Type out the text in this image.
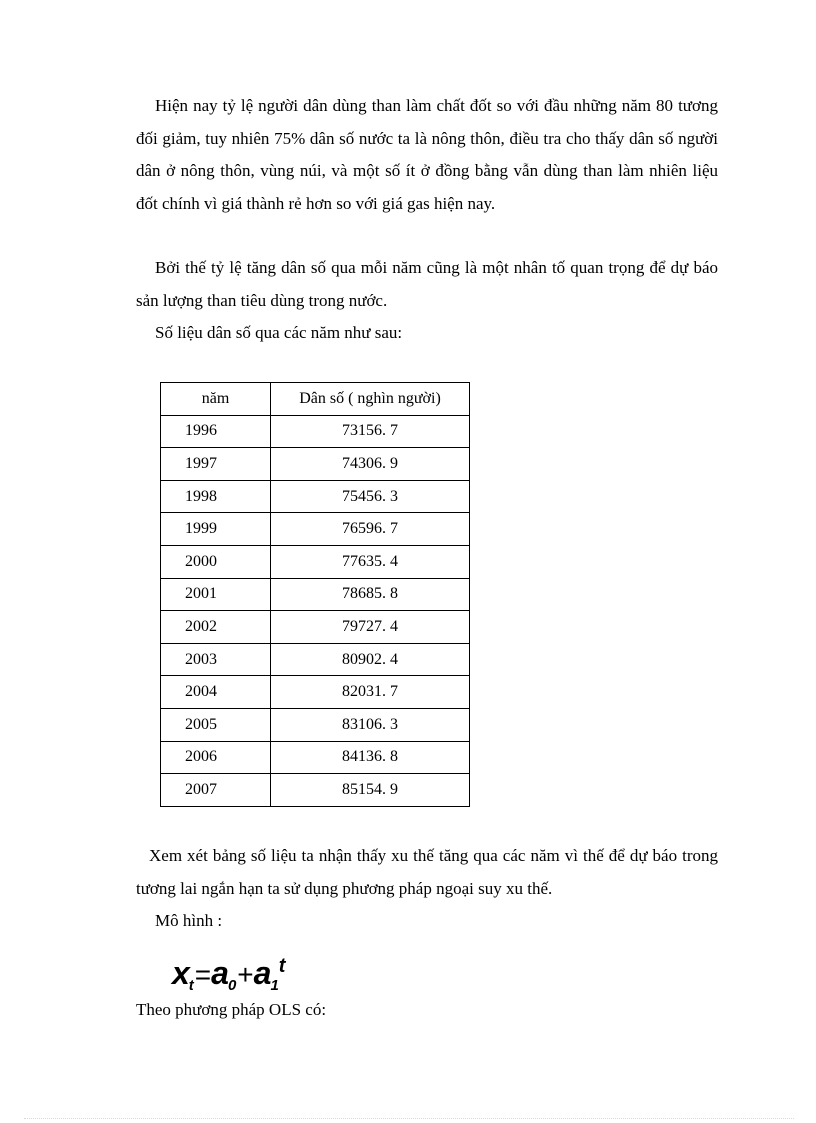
Hiện nay tỷ lệ người dân dùng than làm chất đốt so với đầu những năm 80 tương đối giảm, tuy nhiên 75% dân số nước ta là nông thôn, điều tra cho thấy dân số người dân ở nông thôn, vùng núi, và một số ít ở đồng bằng vẫn dùng than làm nhiên liệu đốt chính vì giá thành rẻ hơn so với giá gas hiện nay.

Bởi thế tỷ lệ tăng dân số qua mỗi năm cũng là một nhân tố quan trọng để dự báo sản lượng than tiêu dùng trong nước.

Số liệu dân số qua các năm như sau:

năm	Dân số ( nghìn người)
1996	73156. 7
1997	74306. 9
1998	75456. 3
1999	76596. 7
2000	77635. 4
2001	78685. 8
2002	79727. 4
2003	80902. 4
2004	82031. 7
2005	83106. 3
2006	84136. 8
2007	85154. 9

Xem xét bảng số liệu ta nhận thấy xu thế tăng qua các năm vì thế để dự báo trong tương lai ngắn hạn ta sử dụng phương pháp ngoại suy xu thế.

Mô hình :

$x_t=a_0+a_1^t$

Theo phương pháp OLS có:
